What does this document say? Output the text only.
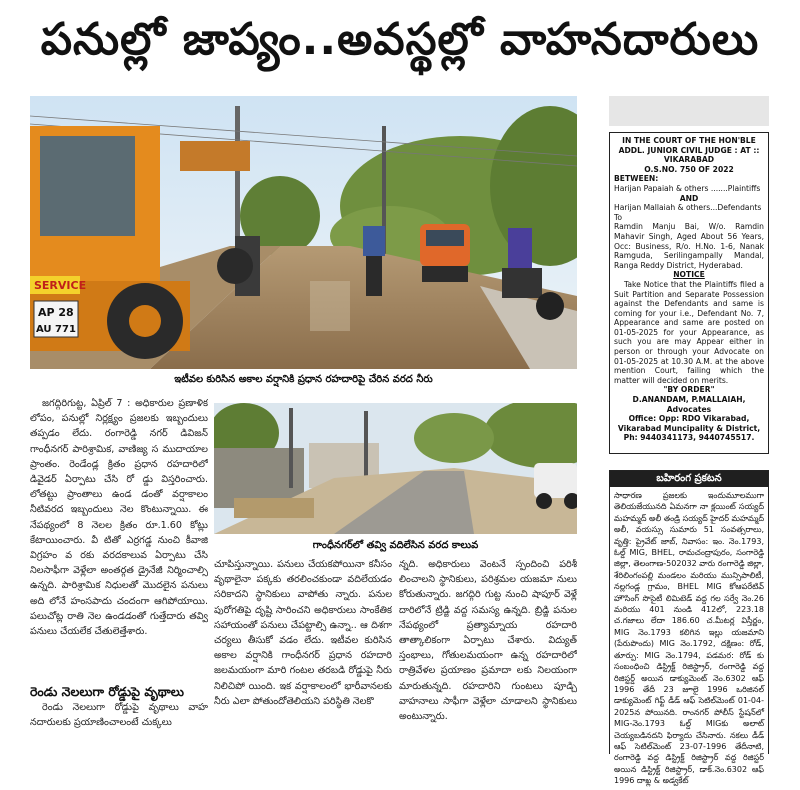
పనుల్లో జాప్యం..అవస్థల్లో వాహనదారులు
SERVICE
AP 28
AU 771
ఇటీవల కురిసిన అకాల వర్షానికి ప్రధాన రహదారిపై చేరిన వరద నీరు

జగద్గిరిగుట్ట, ఏప్రిల్ 7 : అధికారుల ప్రణాళిక లోపం, పనుల్లో నిర్లక్ష్యం ప్రజలకు ఇబ్బందులు తప్పడం లేదు. రంగారెడ్డి నగర్ డివిజన్ గాంధీనగర్ పారిశ్రామిక, వాణిజ్య స ముదాయాల ప్రాంతం. రెండేండ్ల క్రితం ప్రధాన రహదారిలో డివైడర్ ఏర్పాటు చేసి రో డ్డు విస్తరించారు. లోతట్టు ప్రాంతాలు ఉండ డంతో వర్షాకాలం నీటివరద ఇబ్బందులు నెల కొంటున్నాయి. ఈ నేపథ్యంలో 8 నెలల క్రితం రూ.1.60 కోట్లు కేటాయించారు. వీ టితో ఎర్రగడ్డ నుంచి కీవాజి విగ్రహం వ రకు వరదకాలువ ఏర్పాటు చేసి నిలసాఫీగా వెళ్లేలా అంతర్గత డ్రైనేజీ నిర్మించాల్సి ఉన్నది. పారిశ్రామిక నిధులతో మొదలైన పనులు అది లోనే హంసపాదు చందంగా ఆగిపోయాయి. పలుచోట్ల రాతి నెల ఉండడంతో గుత్తేదారు తవ్వి పనులు చేయలేక చేతులెత్తేశారు.

రెండు నెలలుగా రోడ్డుపై వృథాలు

రెండు నెలలుగా రోడ్డుపై వృథాలు వాహ నదారులకు ప్రయాణించాలంటే చుక్కలు

గాంధీనగర్‌లో తవ్వి వదిలేసిన వరద కాలువ

చూపిస్తున్నాయి. పనులు చేయకపోయినా కనీసం వృథాలైనా పక్కకు తరలించకుండా వదిలేయడం సరికాదని స్థానికులు వాపోతు న్నారు. పనుల పురోగతిపై దృష్టి సారించని అధికారులు సాంకేతిక సహాయంతో పనులు చేపట్టాల్సి ఉన్నా.. ఆ దిశగా చర్యలు తీసుకో వడం లేదు. ఇటీవల కురిసిన అకాల వర్షానికి గాంధీనగర్ ప్రధాన రహదారి జలమయంగా మారి గంటల తరబడి రోడ్డుపై నీరు నిలిచిపో యింది. ఇక వర్షాకాలంలో భారీవానలకు నీరు ఎలా పోతుందోతెలియని పరిస్థితి నెలకొ

న్నది. అధికారులు వెంటనే స్పందించి పరిశీ లించాలని స్థానికులు, పరిశ్రమల యజమా నులు కోరుతున్నారు. జగద్గిరి గుట్ట నుంచి షాపూర్ వెళ్లే దారిలోనే ట్రిడ్జి వద్ద సమస్య ఉన్నది. బ్రిడ్జి పనుల నేపథ్యంలో ప్రత్యామ్నాయ రహదారి తాత్కాలికంగా ఏర్పాటు చేశారు. విద్యుత్ స్తంభాలు, గోతులమయంగా ఉన్న రహదారిలో రాత్రివేళల ప్రయాణం ప్రమాదా లకు నిలయంగా మారుతున్నది. రహదారిని గుంటలు పూడ్చి వాహనాలు సాఫీగా వెళ్లేలా చూడాలని స్థానికులు అంటున్నారు.

IN THE COURT OF THE HON'BLE ADDL. JUNIOR CIVIL JUDGE : AT :: VIKARABAD
O.S.NO. 750 OF 2022
BETWEEN:
Harijan Papaiah & others .......Plaintiffs
AND
Harijan Mallaiah & others...Defendants
To
Ramdin Manju Bai, W/o. Ramdin Mahavir Singh, Aged About 56 Years, Occ: Business, R/o. H.No. 1-6, Nanak Ramguda, Serilingampally Mandal, Ranga Reddy District, Hyderabad.
NOTICE
Take Notice that the Plaintiffs filed a Suit Partition and Separate Possession against the Defendants and same is coming for your i.e., Defendant No. 7, Appearance and same are posted on 01-05-2025 for your Appearance, as such you are may Appear either in person or through your Advocate on 01-05-2025 at 10.30 A.M. at the above mention Court, failing which the matter will decided on merits.
"BY ORDER"
D.ANANDAM, P.MALLAIAH, Advocates
Office: Opp: RDO Vikarabad, Vikarabad Muncipality & District,
Ph: 9440341173, 9440745517.
బహిరంగ ప్రకటన
సాధారణ ప్రజలకు ఇందుమూలముగా తెలియజేయునది ఏమనగా నా క్లయింట్ సయ్యద్ మహమ్మద్ అలీ తండ్రి సయ్యద్ హైదర్ మహమ్మద్ అలీ, వయస్సు సుమారు 51 సంవత్సరాలు, వృత్తి: ప్రైవేట్ జాబ్, నివాసం: ఇం. నెం.1793, ఓల్డ్ MIG, BHEL, రామచంద్రాపురం, సంగారెడ్డి జిల్లా, తెలంగాణ-502032 వారు రంగారెడ్డి జిల్లా, శేరిలింగంపల్లి మండలం మరియు మున్సిపాలిటీ, నల్లగండ్ల గ్రామం, BHEL MIG కోఆపరేటివ్ హౌసింగ్ సొసైటీ లిమిటెడ్ వద్ద గల సర్వే నెం.26 మరియు 401 నుండి 412లో, 223.18 చ.గజాలు లేదా 186.60 చ.మీటర్ల విస్తీర్ణం, MIG నెం.1793 కలిగిన ఇల్లు యజమాని (పేరుపొందు) MIG నెం.1792, దక్షిణం: రోడ్, తూర్పు: MIG నెం.1794, పడమర: రోడ్ కు సంబంధించి డిస్ట్రిక్ట్ రిజిస్ట్రార్, రంగారెడ్డి వద్ద రిజిస్టర్డ్ అయిన డాక్యుమెంట్ నెం.6302 ఆఫ్ 1996 తేదీ 23 జూలై 1996 ఒరిజినల్ డాక్యుమెంట్ గిఫ్ట్ డీడ్ ఆఫ్ సెటిల్‌మెంట్ 01-04-2025న పోయినది. రాంనగర్ పోలీస్ స్టేషన్‌లో MIG-నెం.1793 ఓల్డ్ MIGకు అలాట్ చెయ్యబడినదని ఫిర్యాదు చేసినారు. నకలు డీడ్ ఆఫ్ సెటిల్‌మెంట్ 23-07-1996 తేదీనాటి, రంగారెడ్డి వద్ద డిస్ట్రిక్ట్ రిజిస్ట్రార్ వద్ద రిజిస్టర్ అయిన డిస్ట్రిక్ట్ రిజిస్ట్రార్, డాక్.నెం.6302 ఆఫ్ 1996 దాఖ్ల & అడ్వకేట్
